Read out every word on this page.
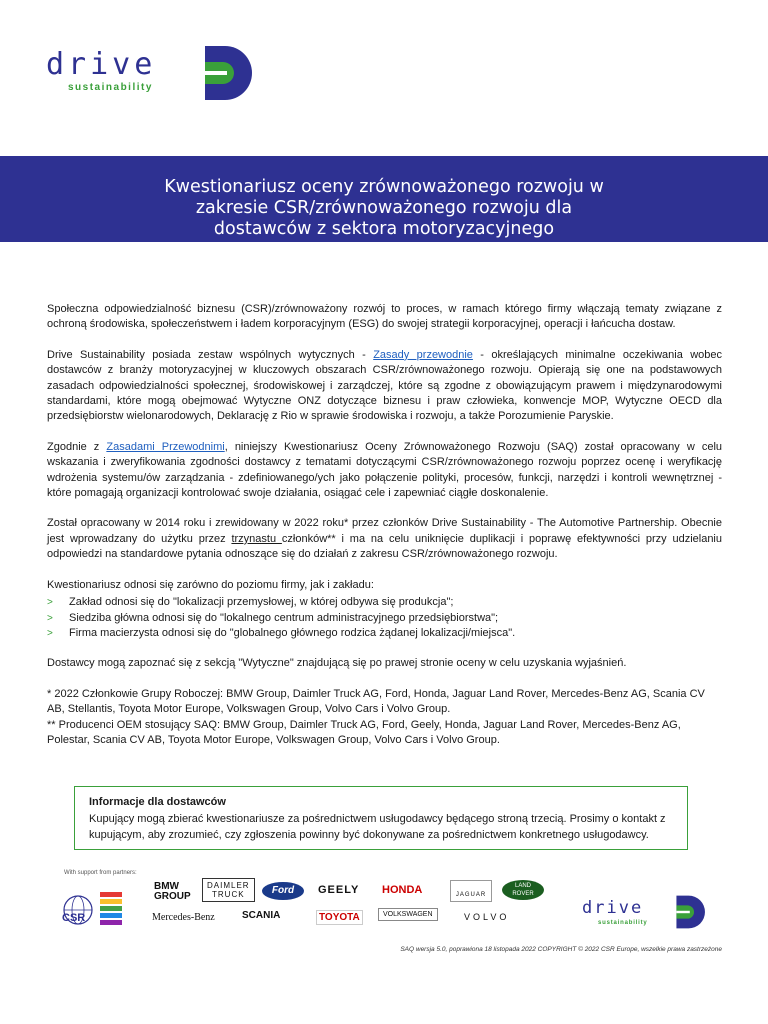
drive
sustainability
Kwestionariusz oceny zrównoważonego rozwoju w
zakresie CSR/zrównoważonego rozwoju dla
dostawców z sektora motoryzacyjnego

Społeczna odpowiedzialność biznesu (CSR)/zrównoważony rozwój to proces, w ramach którego firmy włączają tematy związane z ochroną środowiska, społeczeństwem i ładem korporacyjnym (ESG) do swojej strategii korporacyjnej, operacji i łańcucha dostaw.

Drive Sustainability posiada zestaw wspólnych wytycznych - Zasady przewodnie - określających minimalne oczekiwania wobec dostawców z branży motoryzacyjnej w kluczowych obszarach CSR/zrównoważonego rozwoju. Opierają się one na podstawowych zasadach odpowiedzialności społecznej, środowiskowej i zarządczej, które są zgodne z obowiązującym prawem i międzynarodowymi standardami, które mogą obejmować Wytyczne ONZ dotyczące biznesu i praw człowieka, konwencje MOP, Wytyczne OECD dla przedsiębiorstw wielonarodowych, Deklarację z Rio w sprawie środowiska i rozwoju, a także Porozumienie Paryskie.

Zgodnie z Zasadami Przewodnimi, niniejszy Kwestionariusz Oceny Zrównoważonego Rozwoju (SAQ) został opracowany w celu wskazania i zweryfikowania zgodności dostawcy z tematami dotyczącymi CSR/zrównoważonego rozwoju poprzez ocenę i weryfikację wdrożenia systemu/ów zarządzania - zdefiniowanego/ych jako połączenie polityki, procesów, funkcji, narzędzi i kontroli wewnętrznej - które pomagają organizacji kontrolować swoje działania, osiągać cele i zapewniać ciągłe doskonalenie.

Został opracowany w 2014 roku i zrewidowany w 2022 roku* przez członków Drive Sustainability - The Automotive Partnership. Obecnie jest wprowadzany do użytku przez trzynastu członków** i ma na celu uniknięcie duplikacji i poprawę efektywności przy udzielaniu odpowiedzi na standardowe pytania odnoszące się do działań z zakresu CSR/zrównoważonego rozwoju.

Kwestionariusz odnosi się zarówno do poziomu firmy, jak i zakładu:

> Zakład odnosi się do "lokalizacji przemysłowej, w której odbywa się produkcja";
> Siedziba główna odnosi się do "lokalnego centrum administracyjnego przedsiębiorstwa";
> Firma macierzysta odnosi się do "globalnego głównego rodzica żądanej lokalizacji/miejsca".

Dostawcy mogą zapoznać się z sekcją "Wytyczne" znajdującą się po prawej stronie oceny w celu uzyskania wyjaśnień.

* 2022 Członkowie Grupy Roboczej: BMW Group, Daimler Truck AG, Ford, Honda, Jaguar Land Rover, Mercedes-Benz AG, Scania CV AB, Stellantis, Toyota Motor Europe, Volkswagen Group, Volvo Cars i Volvo Group.

** Producenci OEM stosujący SAQ: BMW Group, Daimler Truck AG, Ford, Geely, Honda, Jaguar Land Rover, Mercedes-Benz AG, Polestar, Scania CV AB, Toyota Motor Europe, Volkswagen Group, Volvo Cars i Volvo Group.

Informacje dla dostawców

Kupujący mogą zbierać kwestionariusze za pośrednictwem usługodawcy będącego stroną trzecią. Prosimy o kontakt z kupującym, aby zrozumieć, czy zgłoszenia powinny być dokonywane za pośrednictwem konkretnego usługodawcy.

With support from partners:
CSR
BMW
GROUP
DAIMLER
TRUCK	Ford	GEELY HONDA	JAGUAR
LAND
ROVER
Mercedes-Benz	SCANIA	TOYOTA	VOLKSWAGEN	VOLVO	drive
sustainability
SAQ wersja 5.0, poprawiona 18 listopada 2022 COPYRIGHT © 2022 CSR Europe, wszelkie prawa zastrzeżone
